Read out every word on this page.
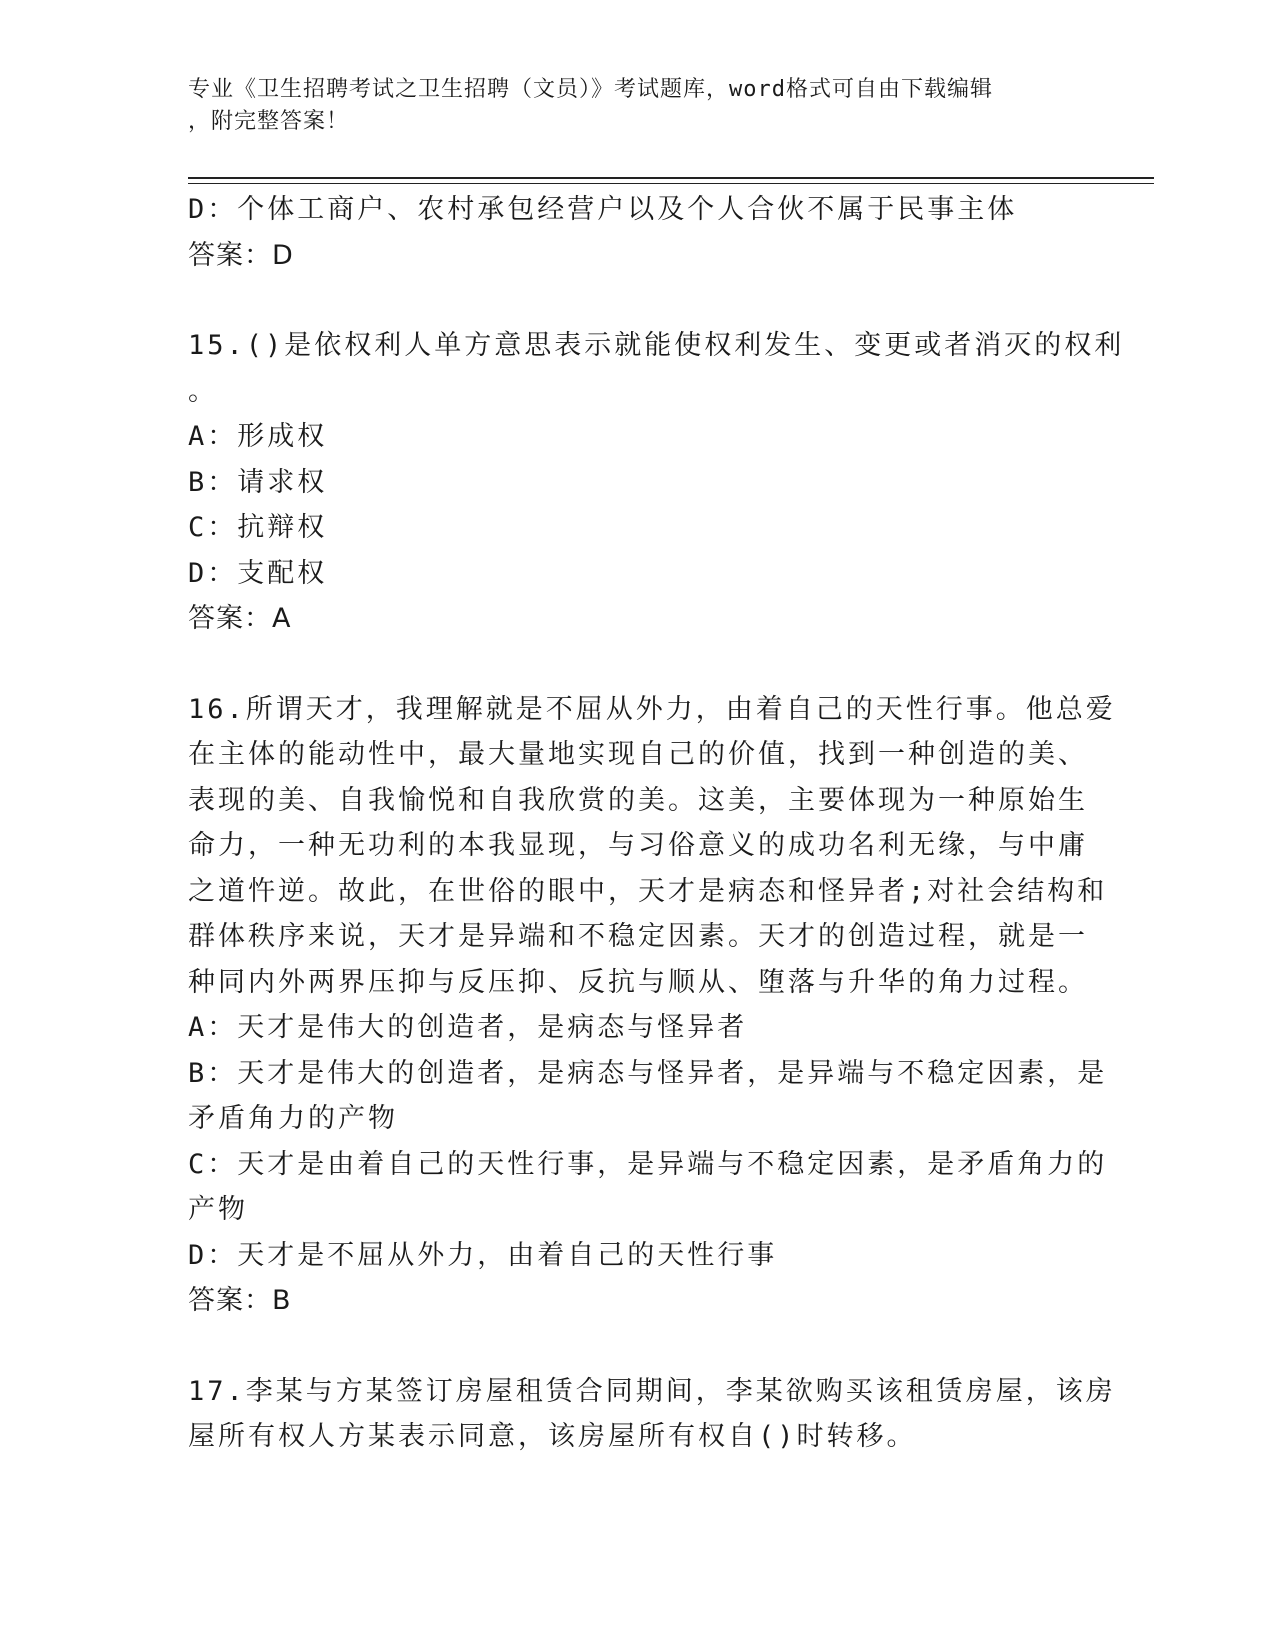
专业《卫生招聘考试之卫生招聘（文员）》考试题库，word格式可自由下载编辑
，附完整答案！
D：个体工商户、农村承包经营户以及个人合伙不属于民事主体
答案：D
15.()是依权利人单方意思表示就能使权利发生、变更或者消灭的权利
。
A：形成权
B：请求权
C：抗辩权
D：支配权
答案：A
16.所谓天才，我理解就是不屈从外力，由着自己的天性行事。他总爱
在主体的能动性中，最大量地实现自己的价值，找到一种创造的美、
表现的美、自我愉悦和自我欣赏的美。这美，主要体现为一种原始生
命力，一种无功利的本我显现，与习俗意义的成功名利无缘，与中庸
之道忤逆。故此，在世俗的眼中，天才是病态和怪异者;对社会结构和
群体秩序来说，天才是异端和不稳定因素。天才的创造过程，就是一
种同内外两界压抑与反压抑、反抗与顺从、堕落与升华的角力过程。
A：天才是伟大的创造者，是病态与怪异者
B：天才是伟大的创造者，是病态与怪异者，是异端与不稳定因素，是
矛盾角力的产物
C：天才是由着自己的天性行事，是异端与不稳定因素，是矛盾角力的
产物
D：天才是不屈从外力，由着自己的天性行事
答案：B
17.李某与方某签订房屋租赁合同期间，李某欲购买该租赁房屋，该房
屋所有权人方某表示同意，该房屋所有权自()时转移。
